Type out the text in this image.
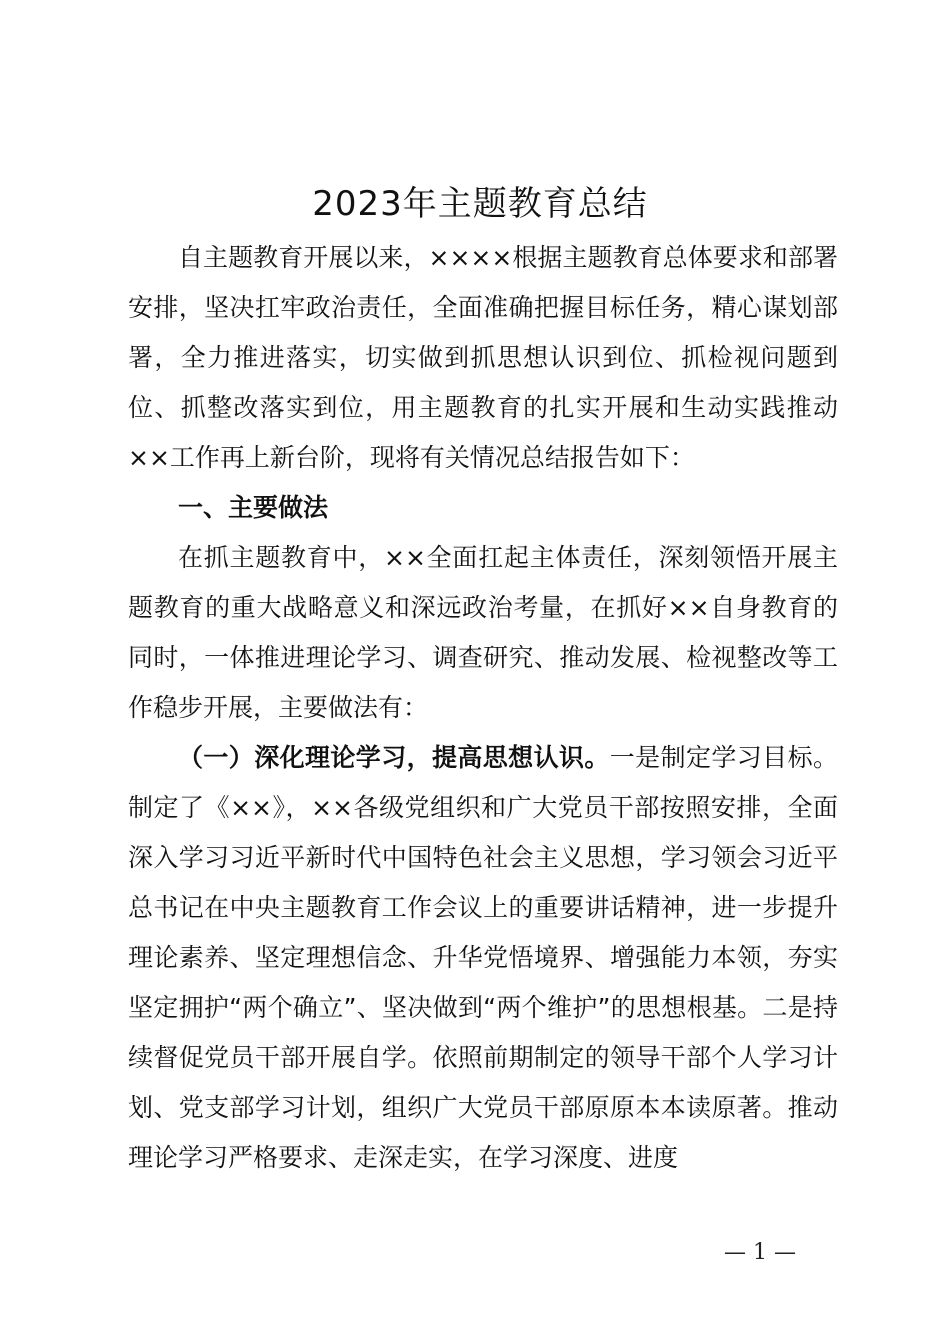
2023年主题教育总结

自主题教育开展以来，××××根据主题教育总体要求和部署安排，坚决扛牢政治责任，全面准确把握目标任务，精心谋划部署，全力推进落实，切实做到抓思想认识到位、抓检视问题到位、抓整改落实到位，用主题教育的扎实开展和生动实践推动××工作再上新台阶，现将有关情况总结报告如下：

一、主要做法

在抓主题教育中，××全面扛起主体责任，深刻领悟开展主题教育的重大战略意义和深远政治考量，在抓好××自身教育的同时，一体推进理论学习、调查研究、推动发展、检视整改等工作稳步开展，主要做法有：

（一）深化理论学习，提高思想认识。一是制定学习目标。制定了《××》，××各级党组织和广大党员干部按照安排，全面深入学习习近平新时代中国特色社会主义思想，学习领会习近平总书记在中央主题教育工作会议上的重要讲话精神，进一步提升理论素养、坚定理想信念、升华党悟境界、增强能力本领，夯实坚定拥护“两个确立”、坚决做到“两个维护”的思想根基。二是持续督促党员干部开展自学。依照前期制定的领导干部个人学习计划、党支部学习计划，组织广大党员干部原原本本读原著。推动理论学习严格要求、走深走实，在学习深度、进度

— 1 —
